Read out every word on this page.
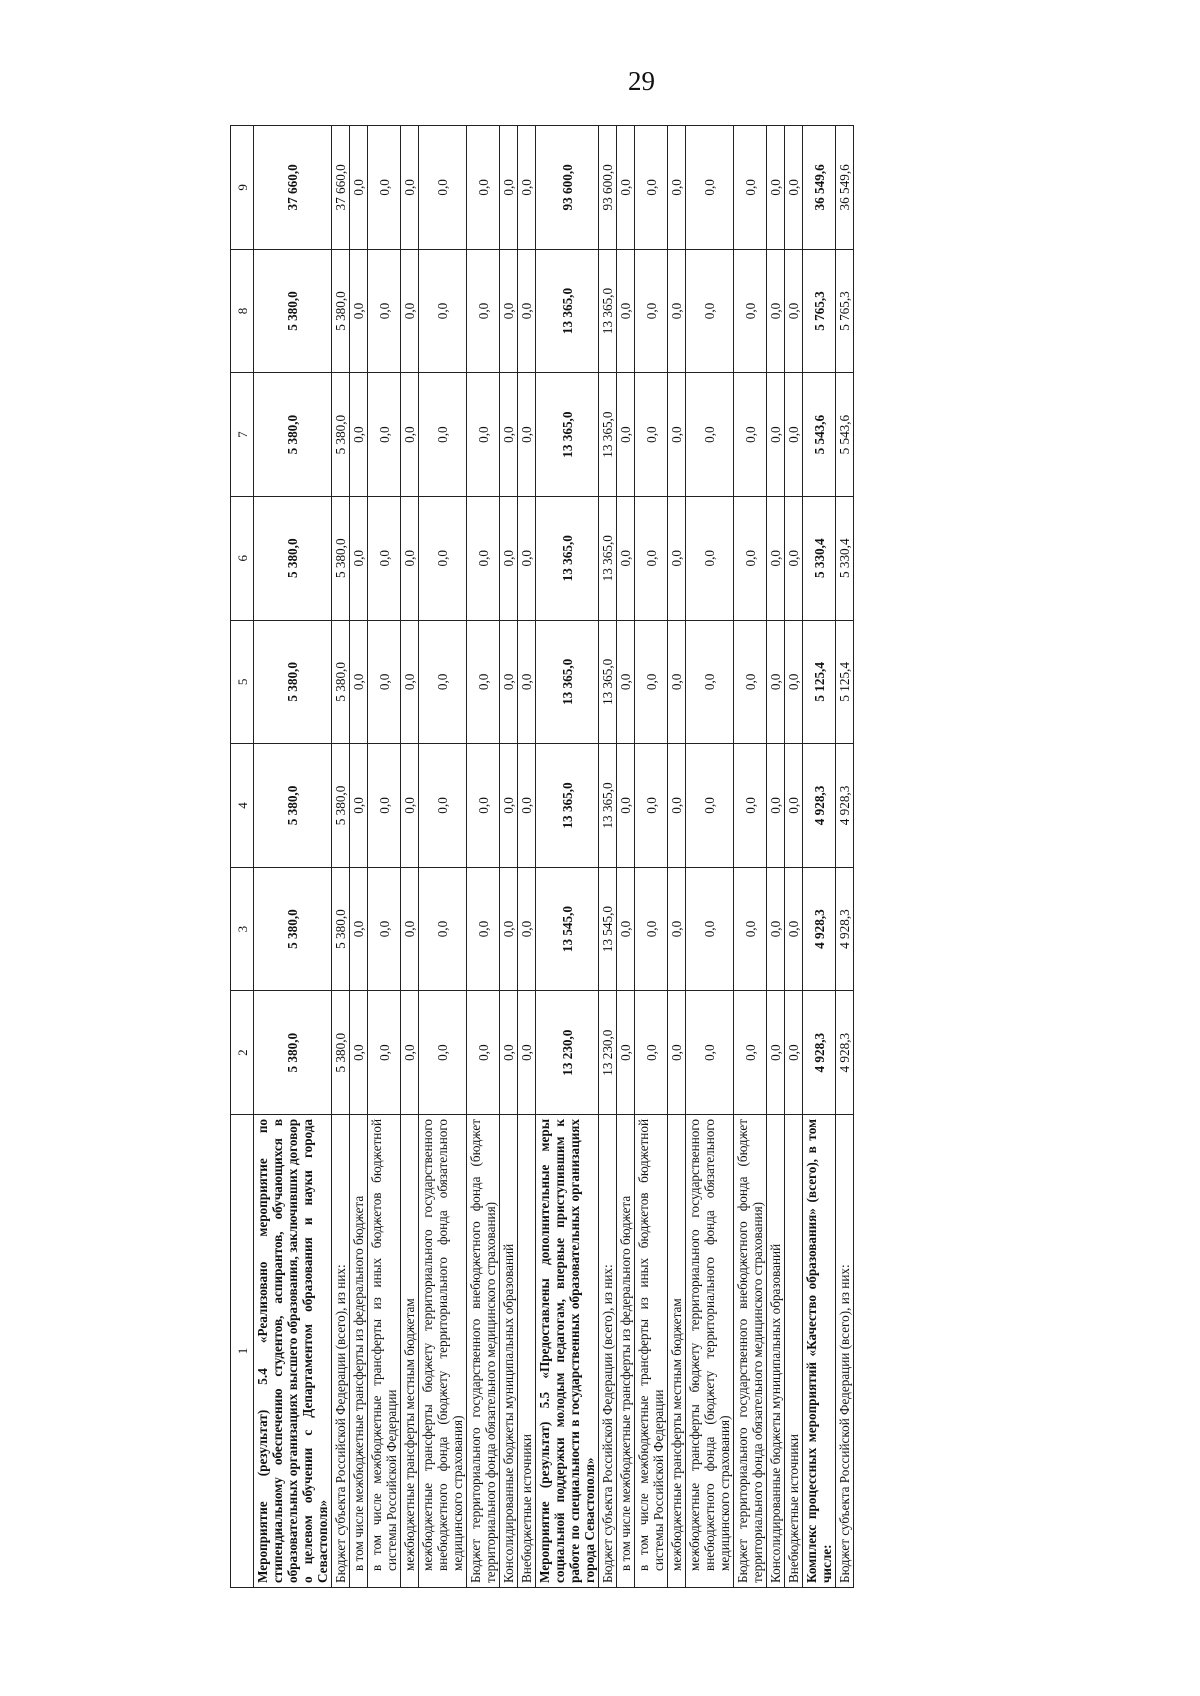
29
1	2	3	4	5	6	7	8	9
Мероприятие (результат) 5.4 «Реализовано мероприятие по стипендиальному обеспечению студентов, аспирантов, обучающихся в образовательных организациях высшего образования, заключивших договор о целевом обучении с Департаментом образования и науки города Севастополя»	5 380,0	5 380,0	5 380,0	5 380,0	5 380,0	5 380,0	5 380,0	37 660,0
Бюджет субъекта Российской Федерации (всего), из них:	5 380,0	5 380,0	5 380,0	5 380,0	5 380,0	5 380,0	5 380,0	37 660,0
в том числе межбюджетные трансферты из федерального бюджета	0,0	0,0	0,0	0,0	0,0	0,0	0,0	0,0
в том числе межбюджетные трансферты из иных бюджетов бюджетной системы Российской Федерации	0,0	0,0	0,0	0,0	0,0	0,0	0,0	0,0
межбюджетные трансферты местным бюджетам	0,0	0,0	0,0	0,0	0,0	0,0	0,0	0,0
межбюджетные трансферты бюджету территориального государственного внебюджетного фонда (бюджету территориального фонда обязательного медицинского страхования)	0,0	0,0	0,0	0,0	0,0	0,0	0,0	0,0
Бюджет территориального государственного внебюджетного фонда (бюджет территориального фонда обязательного медицинского страхования)	0,0	0,0	0,0	0,0	0,0	0,0	0,0	0,0
Консолидированные бюджеты муниципальных образований	0,0	0,0	0,0	0,0	0,0	0,0	0,0	0,0
Внебюджетные источники	0,0	0,0	0,0	0,0	0,0	0,0	0,0	0,0
Мероприятие (результат) 5.5 «Предоставлены дополнительные меры социальной поддержки молодым педагогам, впервые приступившим к работе по специальности в государственных образовательных организациях города Севастополя»	13 230,0	13 545,0	13 365,0	13 365,0	13 365,0	13 365,0	13 365,0	93 600,0
Бюджет субъекта Российской Федерации (всего), из них:	13 230,0	13 545,0	13 365,0	13 365,0	13 365,0	13 365,0	13 365,0	93 600,0
в том числе межбюджетные трансферты из федерального бюджета	0,0	0,0	0,0	0,0	0,0	0,0	0,0	0,0
в том числе межбюджетные трансферты из иных бюджетов бюджетной системы Российской Федерации	0,0	0,0	0,0	0,0	0,0	0,0	0,0	0,0
межбюджетные трансферты местным бюджетам	0,0	0,0	0,0	0,0	0,0	0,0	0,0	0,0
межбюджетные трансферты бюджету территориального государственного внебюджетного фонда (бюджету территориального фонда обязательного медицинского страхования)	0,0	0,0	0,0	0,0	0,0	0,0	0,0	0,0
Бюджет территориального государственного внебюджетного фонда (бюджет территориального фонда обязательного медицинского страхования)	0,0	0,0	0,0	0,0	0,0	0,0	0,0	0,0
Консолидированные бюджеты муниципальных образований	0,0	0,0	0,0	0,0	0,0	0,0	0,0	0,0
Внебюджетные источники	0,0	0,0	0,0	0,0	0,0	0,0	0,0	0,0
Комплекс процессных мероприятий «Качество образования» (всего), в том числе:	4 928,3	4 928,3	4 928,3	5 125,4	5 330,4	5 543,6	5 765,3	36 549,6
Бюджет субъекта Российской Федерации (всего), из них:	4 928,3	4 928,3	4 928,3	5 125,4	5 330,4	5 543,6	5 765,3	36 549,6
